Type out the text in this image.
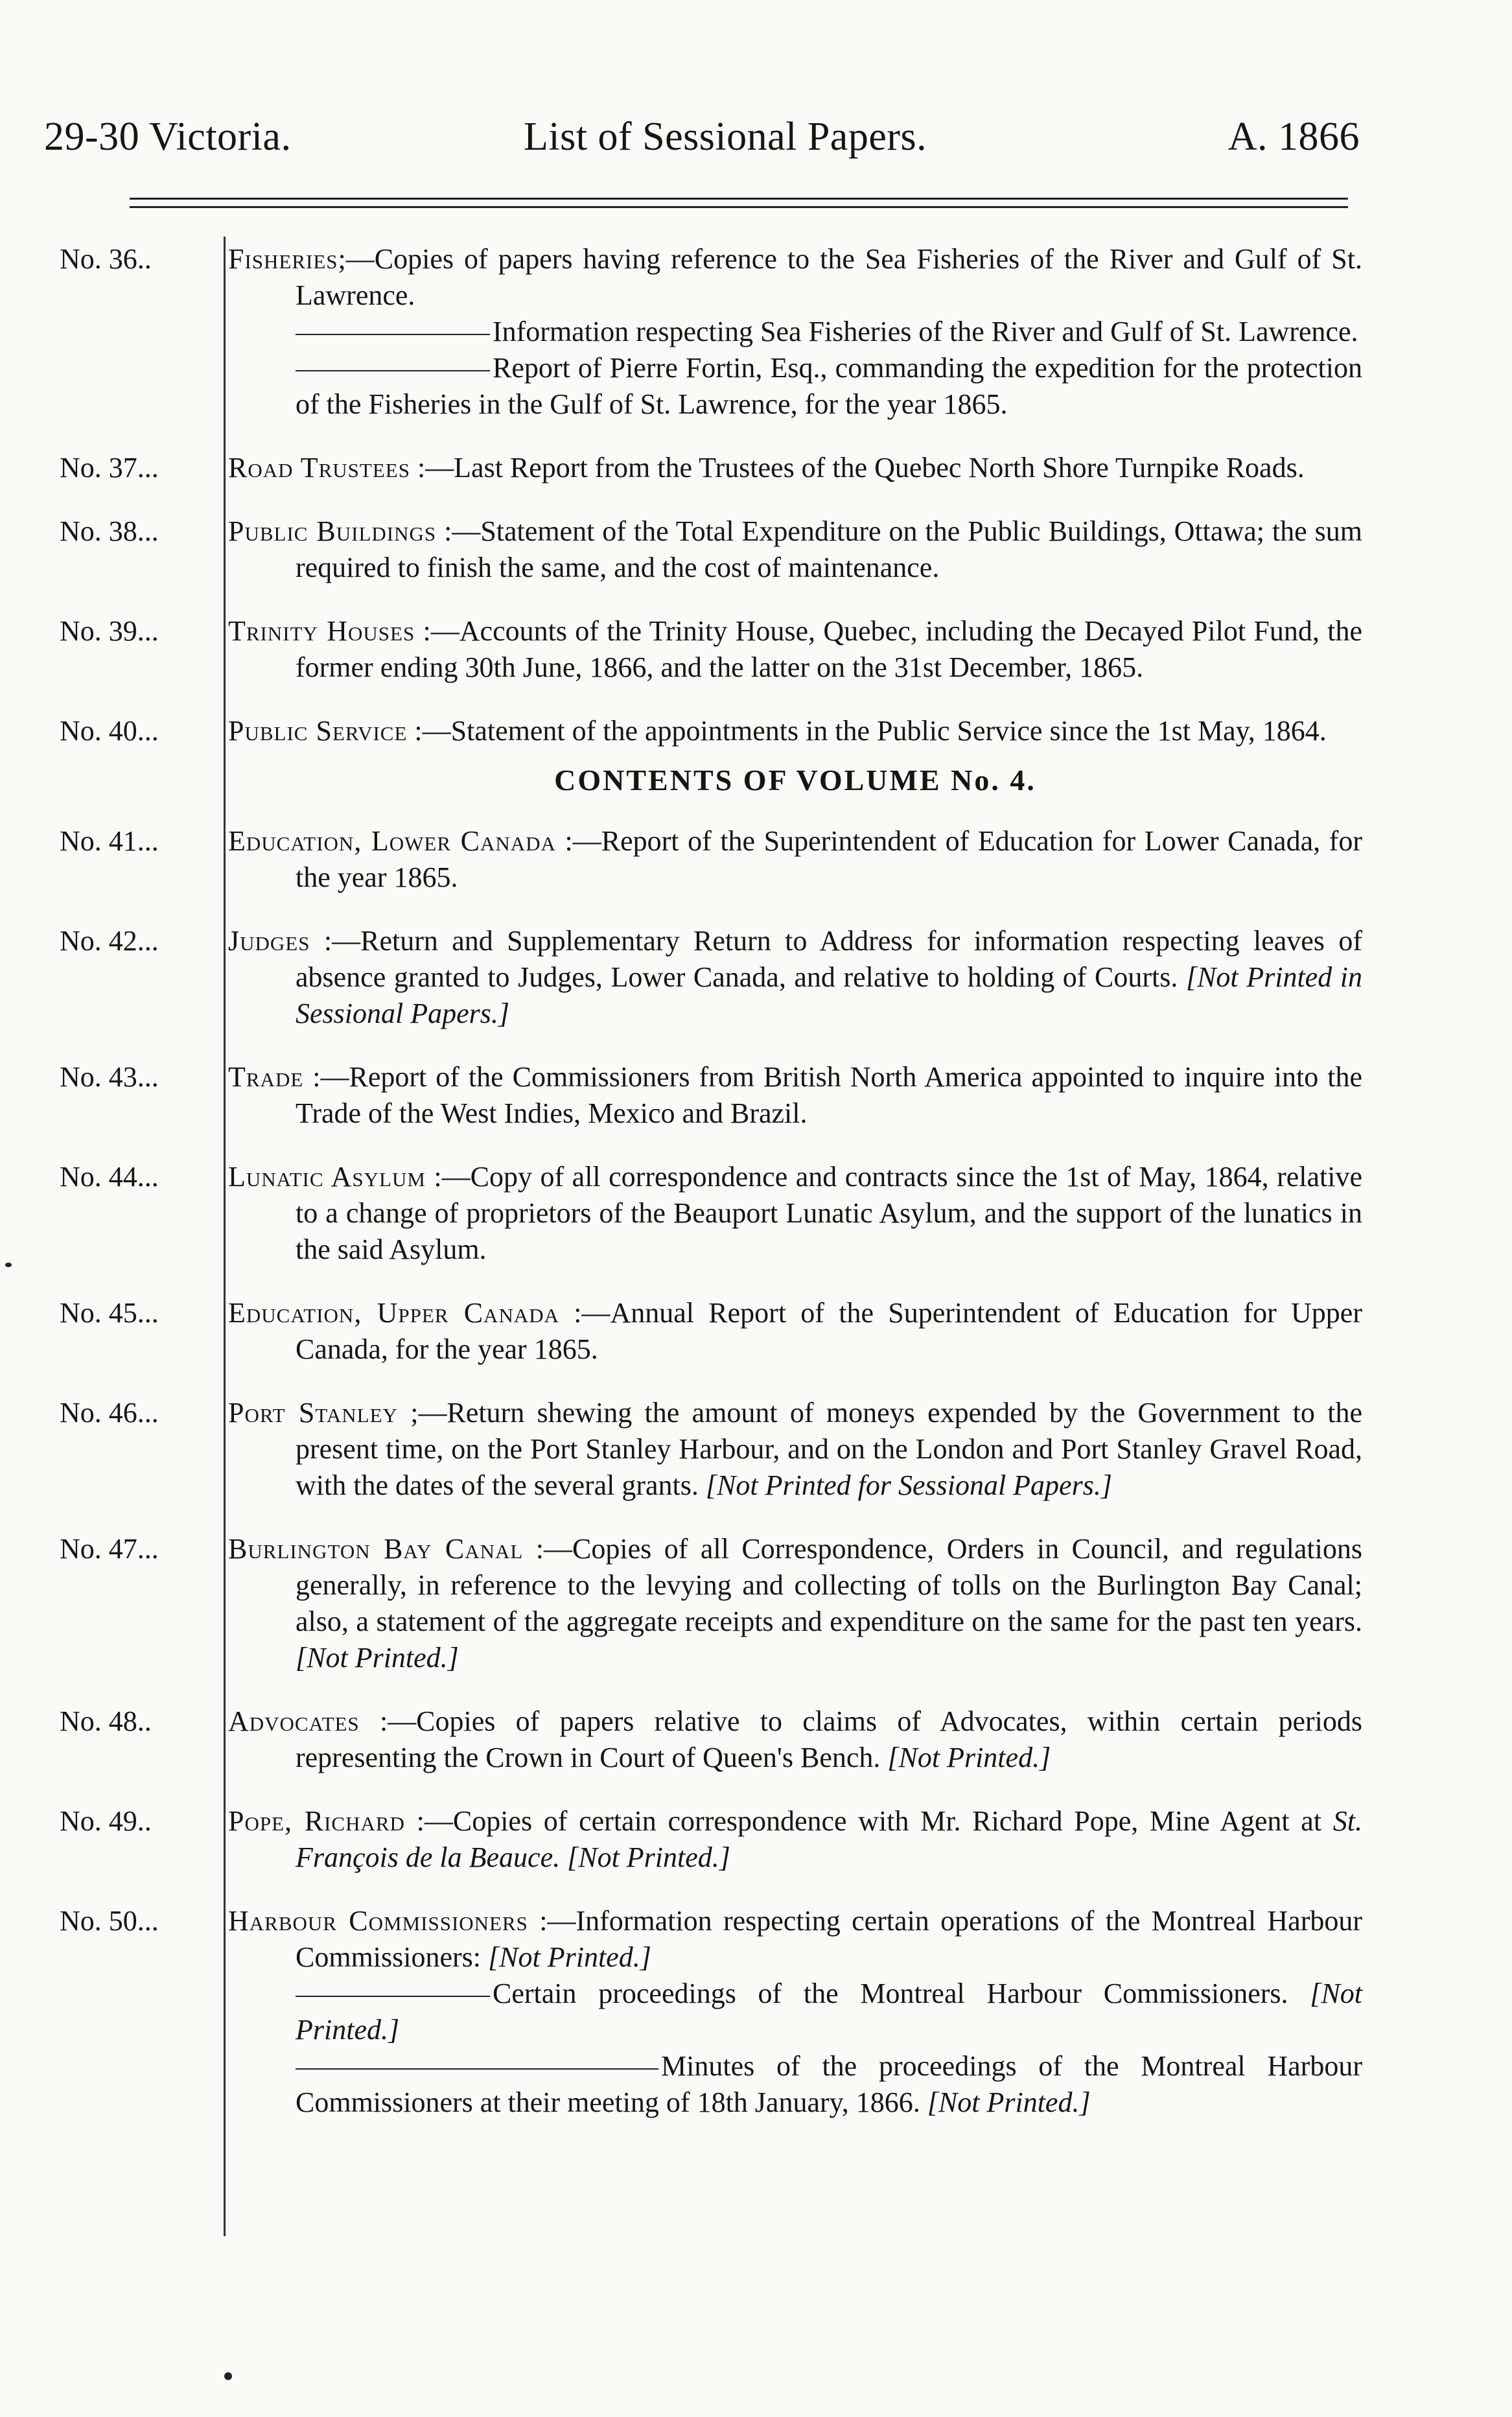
29-30 Victoria.	List of Sessional Papers.	A. 1866
No. 36..	Fisheries;—Copies of papers having reference to the Sea Fisheries of the River and Gulf of St. Lawrence.
Information respecting Sea Fisheries of the River and Gulf of St. Lawrence.
Report of Pierre Fortin, Esq., commanding the expedition for the protection of the Fisheries in the Gulf of St. Lawrence, for the year 1865.
No. 37...	Road Trustees :—Last Report from the Trustees of the Quebec North Shore Turnpike Roads.
No. 38...	Public Buildings :—Statement of the Total Expenditure on the Public Buildings, Ottawa; the sum required to finish the same, and the cost of maintenance.
No. 39...	Trinity Houses :—Accounts of the Trinity House, Quebec, including the Decayed Pilot Fund, the former ending 30th June, 1866, and the latter on the 31st December, 1865.
No. 40...	Public Service :—Statement of the appointments in the Public Service since the 1st May, 1864.
CONTENTS OF VOLUME No. 4.
No. 41...	Education, Lower Canada :—Report of the Superintendent of Education for Lower Canada, for the year 1865.
No. 42...	Judges :—Return and Supplementary Return to Address for information respecting leaves of absence granted to Judges, Lower Canada, and relative to holding of Courts. [Not Printed in Sessional Papers.]
No. 43...	Trade :—Report of the Commissioners from British North America appointed to inquire into the Trade of the West Indies, Mexico and Brazil.
No. 44...	Lunatic Asylum :—Copy of all correspondence and contracts since the 1st of May, 1864, relative to a change of proprietors of the Beauport Lunatic Asylum, and the support of the lunatics in the said Asylum.
No. 45...	Education, Upper Canada :—Annual Report of the Superintendent of Education for Upper Canada, for the year 1865.
No. 46...	Port Stanley ;—Return shewing the amount of moneys expended by the Government to the present time, on the Port Stanley Harbour, and on the London and Port Stanley Gravel Road, with the dates of the several grants. [Not Printed for Sessional Papers.]
No. 47...	Burlington Bay Canal :—Copies of all Correspondence, Orders in Council, and regulations generally, in reference to the levying and collecting of tolls on the Burlington Bay Canal; also, a statement of the aggregate receipts and expenditure on the same for the past ten years. [Not Printed.]
No. 48..	Advocates :—Copies of papers relative to claims of Advocates, within certain periods representing the Crown in Court of Queen's Bench. [Not Printed.]
No. 49..	Pope, Richard :—Copies of certain correspondence with Mr. Richard Pope, Mine Agent at St. François de la Beauce. [Not Printed.]
No. 50...	Harbour Commissioners :—Information respecting certain operations of the Montreal Harbour Commissioners: [Not Printed.]
Certain proceedings of the Montreal Harbour Commissioners. [Not Printed.]
Minutes of the proceedings of the Montreal Harbour Commissioners at their meeting of 18th January, 1866. [Not Printed.]
